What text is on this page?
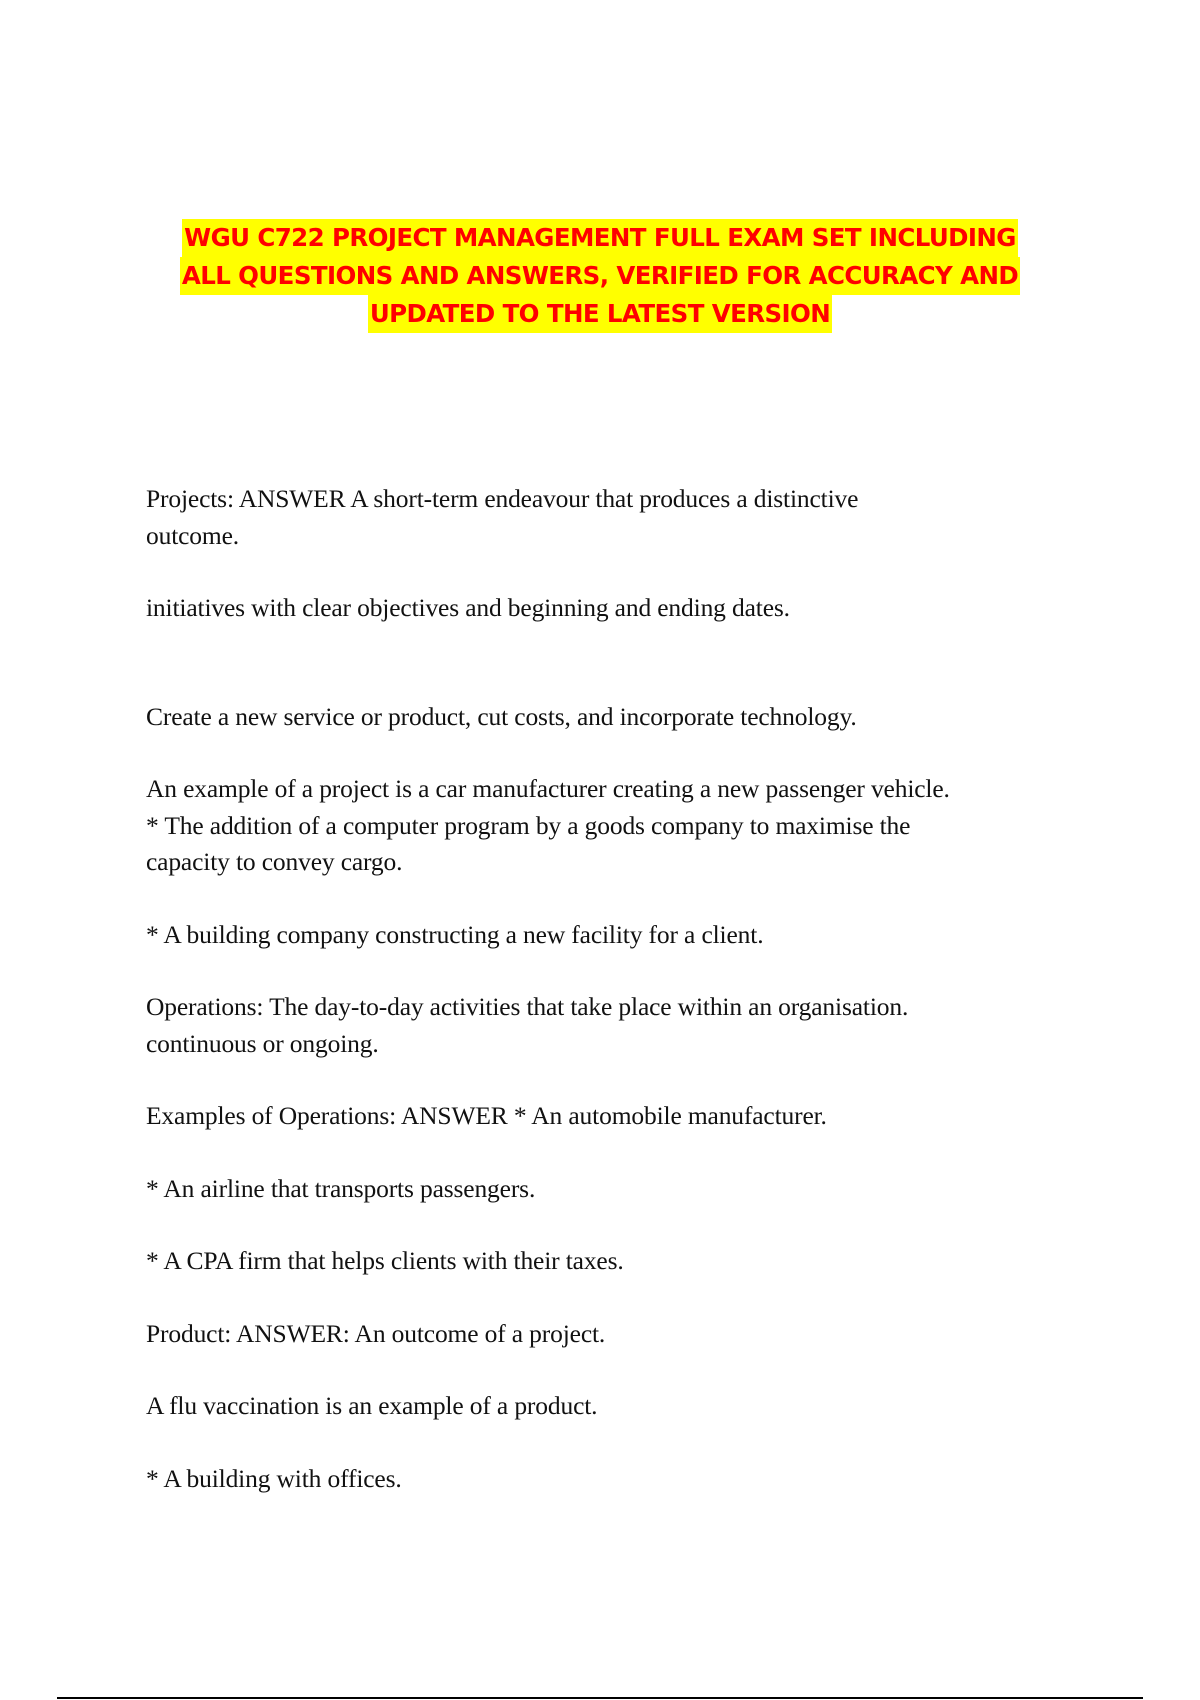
WGU C722 PROJECT MANAGEMENT FULL EXAM SET INCLUDING
ALL QUESTIONS AND ANSWERS, VERIFIED FOR ACCURACY AND
UPDATED TO THE LATEST VERSION

Projects: ANSWER A short-term endeavour that produces a distinctive
outcome.

initiatives with clear objectives and beginning and ending dates.

Create a new service or product, cut costs, and incorporate technology.

An example of a project is a car manufacturer creating a new passenger vehicle.
* The addition of a computer program by a goods company to maximise the
capacity to convey cargo.

* A building company constructing a new facility for a client.

Operations: The day-to-day activities that take place within an organisation.
continuous or ongoing.

Examples of Operations: ANSWER * An automobile manufacturer.

* An airline that transports passengers.

* A CPA firm that helps clients with their taxes.

Product: ANSWER: An outcome of a project.

A flu vaccination is an example of a product.

* A building with offices.
